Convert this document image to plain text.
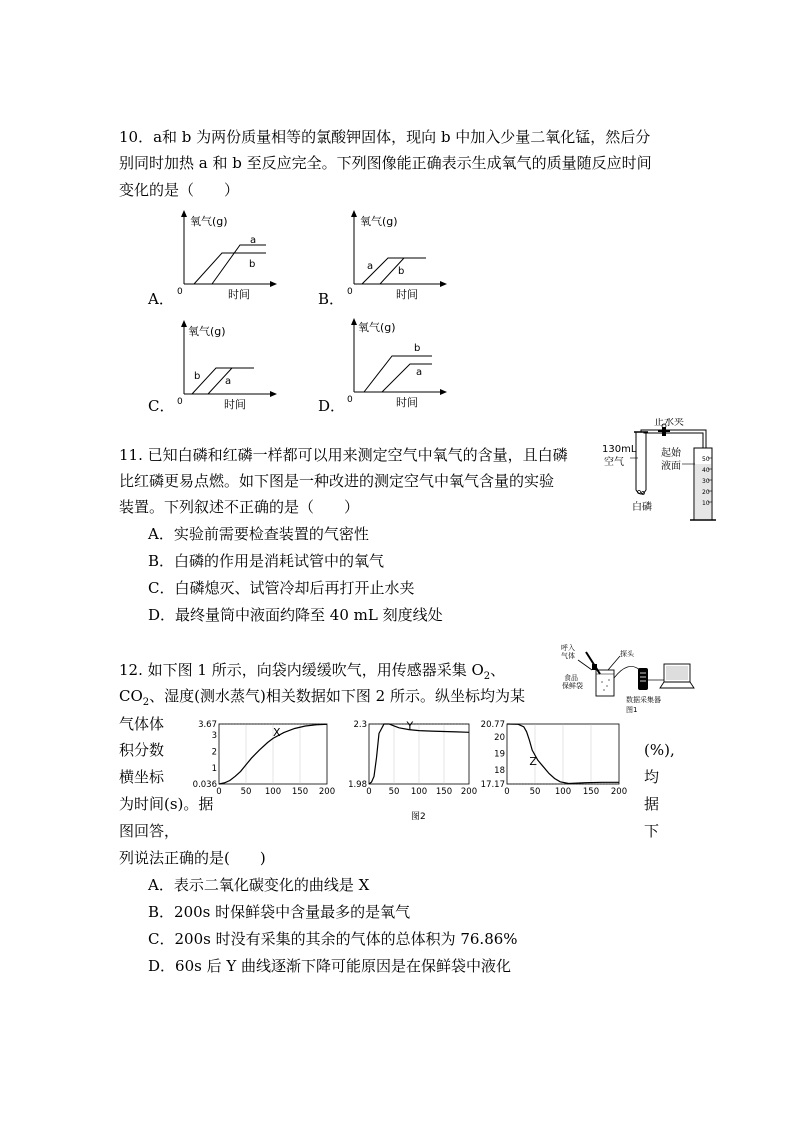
10．a和 b 为两份质量相等的氯酸钾固体，现向 b 中加入少量二氧化锰，然后分
别同时加热 a 和 b 至反应完全。下列图像能正确表示生成氧气的质量随反应时间
变化的是（　　）
氧气(g)
0	时间
a
b
A．
氧气(g)
0	时间
a b
B．
氧气(g)
0	时间
b a
C．
氧气(g)
0	时间
b
a
D．
11. 已知白磷和红磷一样都可以用来测定空气中氧气的含量，且白磷
比红磷更易点燃。如下图是一种改进的测定空气中氧气含量的实验
装置。下列叙述不正确的是（　　）
A．实验前需要检查装置的气密性
B．白磷的作用是消耗试管中的氧气
C．白磷熄灭、试管冷却后再打开止水夹
D．最终量筒中液面约降至 40 mL 刻度线处
止水夹
50
40
30
20
10
130mL
空气
起始
液面
白磷
12. 如下图 1 所示，向袋内缓缓吹气，用传感器采集 $O_2$、
$CO_2$、湿度(测水蒸气)相关数据如下图 2 所示。纵坐标均为某
气体体
积分数
横坐标
为时间(s)。据
图回答，
(%),
均
据
下
列说法正确的是(　　)
A．表示二氧化碳变化的曲线是 X
B．200s 时保鲜袋中含量最多的是氧气
C．200s 时没有采集的其余的气体的总体积为 76.86%
D．60s 后 Y 曲线逐渐下降可能原因是在保鲜袋中液化
呼入
气体
食品
保鲜袋
探头
数据采集器
图1
0 50 100 150 200
3.67
3
2
1
0.036
X
0 50 100 150 200
2.3
1.98
Y
0 50 100 150 200
20.77
20
19
18
17.17
Z
图2
